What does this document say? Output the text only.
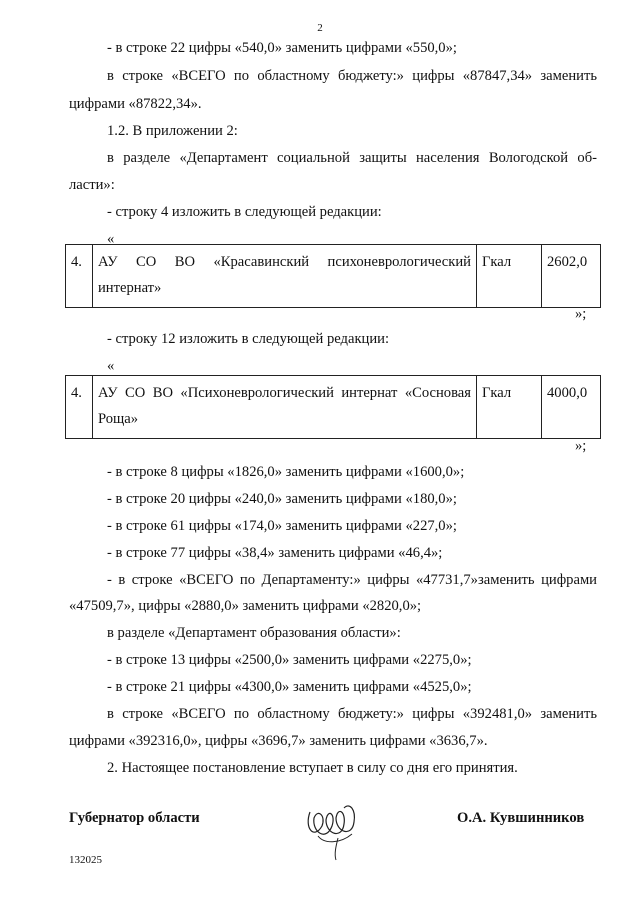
2
- в строке 22 цифры «540,0» заменить цифрами «550,0»;
в строке «ВСЕГО по областному бюджету:» цифры «87847,34» заменить
цифрами «87822,34».
1.2. В приложении 2:
в разделе «Департамент социальной защиты населения Вологодской об-
ласти»:
- строку 4 изложить в следующей редакции:
«
4.	АУ СО ВО «Красавинский психоневрологический интернат»	Гкал	2602,0
»;
- строку 12 изложить в следующей редакции:
«
4.	АУ СО ВО «Психоневрологический интернат «Сосновая Роща»	Гкал	4000,0
»;
- в строке 8 цифры «1826,0» заменить цифрами «1600,0»;
- в строке 20 цифры «240,0» заменить цифрами «180,0»;
- в строке 61 цифры «174,0» заменить цифрами «227,0»;
- в строке 77 цифры «38,4» заменить цифрами «46,4»;
- в строке «ВСЕГО по Департаменту:» цифры «47731,7»заменить цифрами
«47509,7», цифры «2880,0» заменить цифрами «2820,0»;
в разделе «Департамент образования области»:
- в строке 13 цифры «2500,0» заменить цифрами «2275,0»;
- в строке 21 цифры «4300,0» заменить цифрами «4525,0»;
в строке «ВСЕГО по областному бюджету:» цифры «392481,0» заменить
цифрами «392316,0», цифры «3696,7» заменить цифрами «3636,7».
2. Настоящее постановление вступает в силу со дня его принятия.
Губернатор области	О.А. Кувшинников
132025
